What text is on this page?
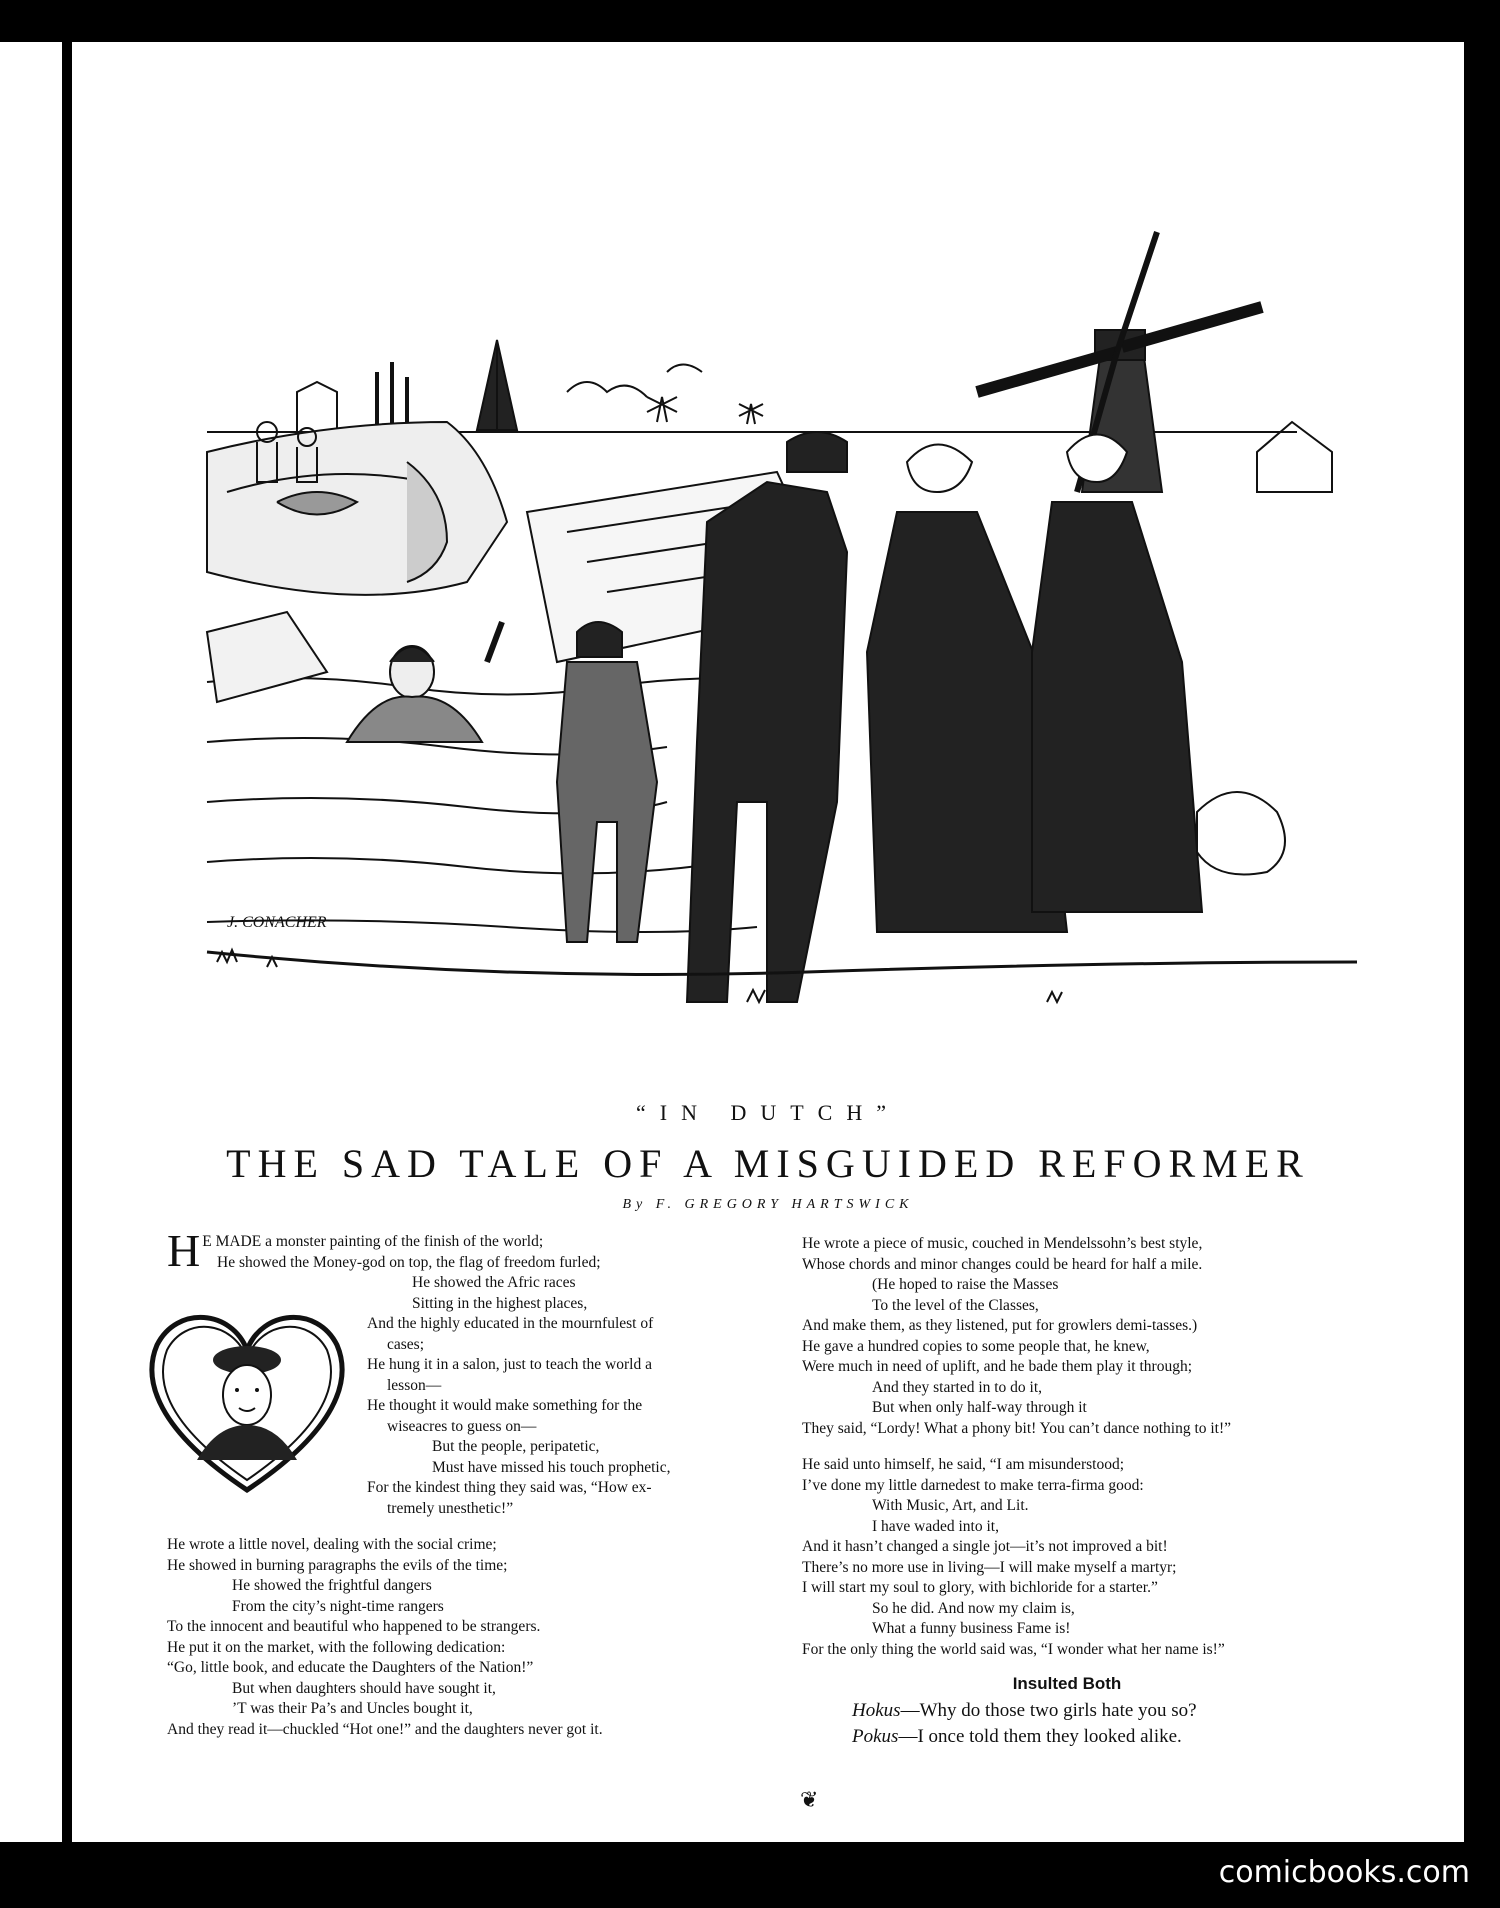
J. CONACHER
“IN DUTCH”
THE SAD TALE OF A MISGUIDED REFORMER
By F. GREGORY HARTSWICK

H E MADE a monster painting of the finish of the world;

He showed the Money-god on top, the flag of freedom furled;

He showed the Afric races

Sitting in the highest places,

And the highly educated in the mournfulest of

cases;

He hung it in a salon, just to teach the world a

lesson—

He thought it would make something for the

wiseacres to guess on—

But the people, peripatetic,

Must have missed his touch prophetic,

For the kindest thing they said was, “How ex-

tremely unesthetic!”

He wrote a little novel, dealing with the social crime;

He showed in burning paragraphs the evils of the time;

He showed the frightful dangers

From the city’s night-time rangers

To the innocent and beautiful who happened to be strangers.

He put it on the market, with the following dedication:

“Go, little book, and educate the Daughters of the Nation!”

But when daughters should have sought it,

’T was their Pa’s and Uncles bought it,

And they read it—chuckled “Hot one!” and the daughters never got it.

He wrote a piece of music, couched in Mendelssohn’s best style,

Whose chords and minor changes could be heard for half a mile.

(He hoped to raise the Masses

To the level of the Classes,

And make them, as they listened, put for growlers demi-tasses.)

He gave a hundred copies to some people that, he knew,

Were much in need of uplift, and he bade them play it through;

And they started in to do it,

But when only half-way through it

They said, “Lordy! What a phony bit! You can’t dance nothing to it!”

He said unto himself, he said, “I am misunderstood;

I’ve done my little darnedest to make terra-firma good:

With Music, Art, and Lit.

I have waded into it,

And it hasn’t changed a single jot—it’s not improved a bit!

There’s no more use in living—I will make myself a martyr;

I will start my soul to glory, with bichloride for a starter.”

So he did. And now my claim is,

What a funny business Fame is!

For the only thing the world said was, “I wonder what her name is!”

Insulted Both
Hokus—Why do those two girls hate you so?
Pokus—I once told them they looked alike.
❦
comicbooks.com
